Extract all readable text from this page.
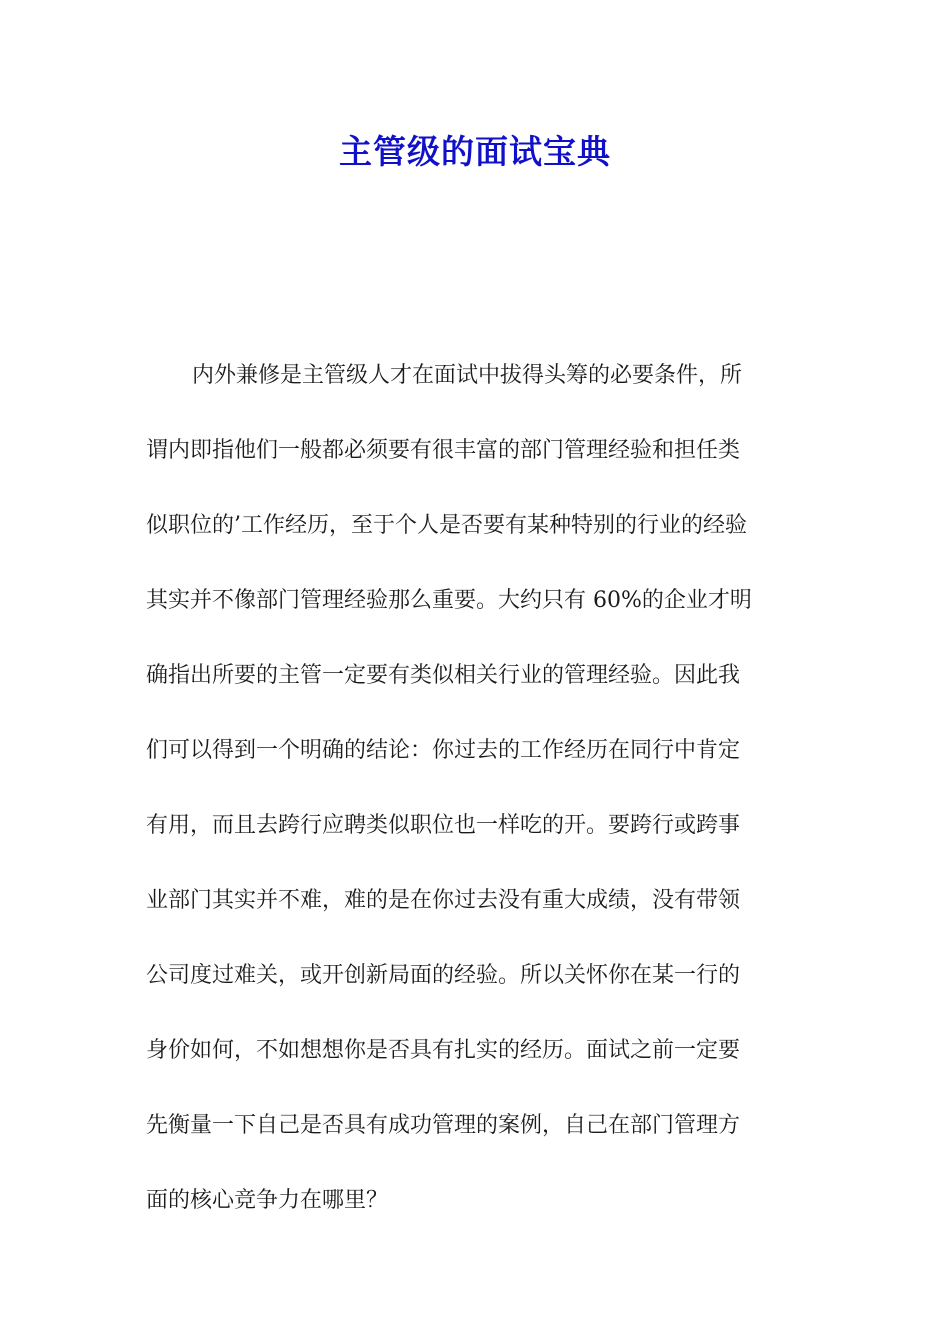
主管级的面试宝典
内外兼修是主管级人才在面试中拔得头筹的必要条件，所
谓内即指他们一般都必须要有很丰富的部门管理经验和担任类
似职位的’工作经历，至于个人是否要有某种特别的行业的经验
其实并不像部门管理经验那么重要。大约只有 60%的企业才明
确指出所要的主管一定要有类似相关行业的管理经验。因此我
们可以得到一个明确的结论：你过去的工作经历在同行中肯定
有用，而且去跨行应聘类似职位也一样吃的开。要跨行或跨事
业部门其实并不难，难的是在你过去没有重大成绩，没有带领
公司度过难关，或开创新局面的经验。所以关怀你在某一行的
身价如何，不如想想你是否具有扎实的经历。面试之前一定要
先衡量一下自己是否具有成功管理的案例，自己在部门管理方
面的核心竞争力在哪里？
